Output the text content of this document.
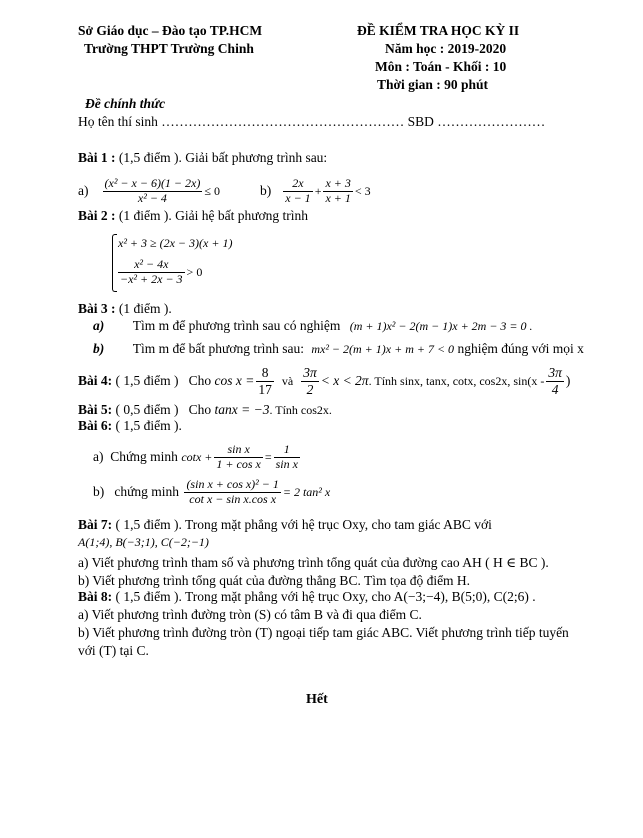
Sở Giáo dục – Đào tạo TP.HCM
Trường THPT Trường Chinh
ĐỀ KIỂM TRA HỌC KỲ II
Năm học : 2019-2020
Môn : Toán - Khối : 10
Thời gian : 90 phút
Đề chính thức
Họ tên thí sinh ……………………………………………… SBD ……………………
Bài 1 : (1,5 điểm ). Giải bất phương trình sau:
$a) \frac{\text{(x² − x − 6)(1 − 2x)}}{\text{x² − 4}} \le 0$	$b) \frac{2x}{x - 1} + \frac{x + 3}{x + 1} < 3$
Bài 2 : (1 điểm ). Giải hệ bất phương trình
x² + 3 ≥ (2x − 3)(x + 1)
$\frac{\text{x² − 4x}}{\text{−x² + 2x − 3}} > 0$
Bài 3 : (1 điểm ).
a) Tìm m để phương trình sau có nghiệm (m + 1)x² − 2(m − 1)x + 2m − 3 = 0 .
b) Tìm m để bất phương trình sau: mx² − 2(m + 1)x + m + 7 < 0 nghiệm đúng với mọi x
Bài 4: ( 1,5 điểm )   Cho $\cos x = \frac{8}{17}$ và $\frac{3\pi}{2} < x < 2\pi$ . Tính sinx, tanx, cotx, cos2x, $\sin(x - \frac{3\pi}{4}$ )
Bài 5: ( 0,5 điểm )   Cho tanx = −3. Tính cos2x.
Bài 6: ( 1,5 điểm ).
a)  Chứng minh $\cot x + \frac{\text{sin x}}{\text{1 + cos x}} = \frac{1}{\text{sin x}}$
b)   chứng minh $\frac{\text{(sin x + cos x)² − 1}}{\text{cot x − sin x.cos x}} = 2$ tan² x
Bài 7: ( 1,5 điểm ). Trong mặt phẳng với hệ trục Oxy, cho tam giác ABC với
A(1;4), B(−3;1), C(−2;−1)
a) Viết phương trình tham số và phương trình tổng quát của đường cao AH ( H ∈ BC ).
b) Viết phương trình tổng quát của đường thẳng BC. Tìm tọa độ điểm H.
Bài 8: ( 1,5 điểm ). Trong mặt phẳng với hệ trục Oxy, cho A(−3;−4), B(5;0), C(2;6) .
a) Viết phương trình đường tròn (S) có tâm B và đi qua điểm C.
b) Viết phương trình đường tròn (T) ngoại tiếp tam giác ABC. Viết phương trình tiếp tuyến
với (T) tại C.
Hết
